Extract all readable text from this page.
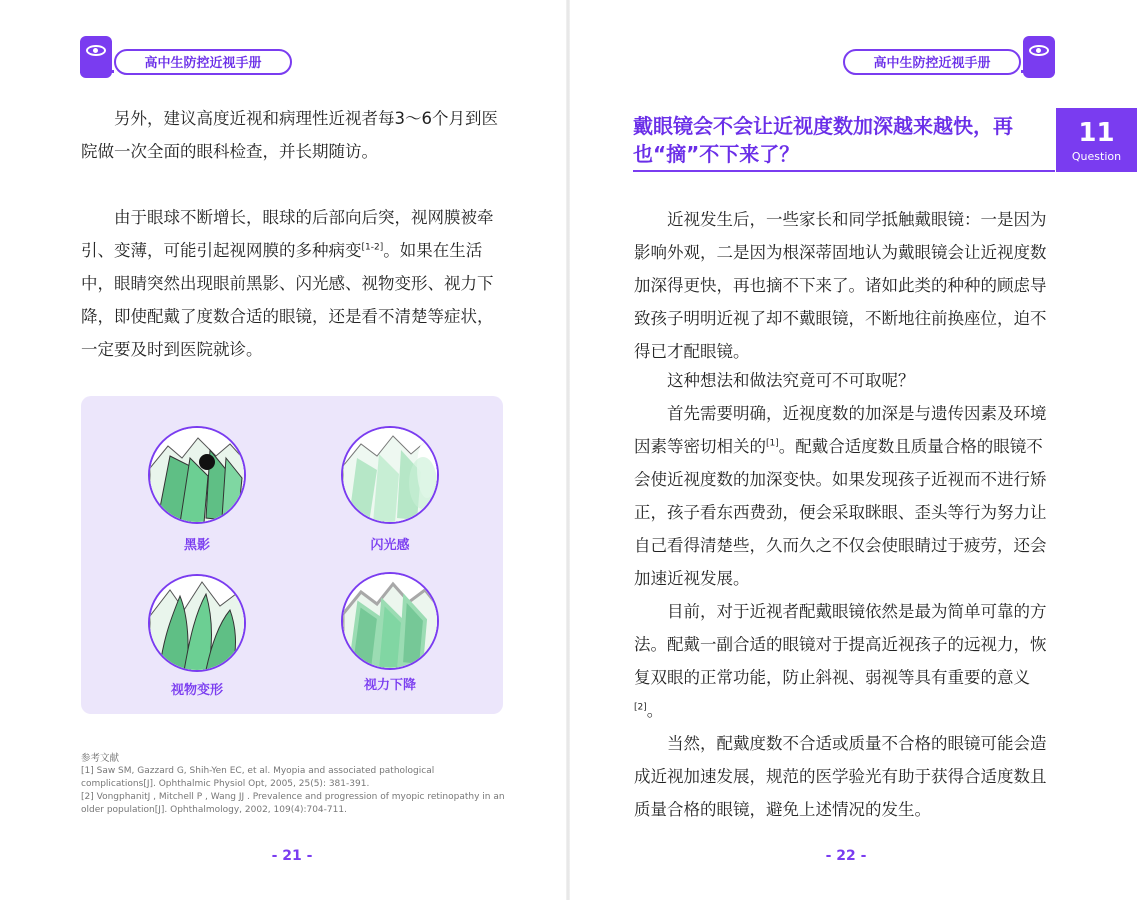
高中生防控近视手册
另外，建议高度近视和病理性近视者每3～6个月到医院做一次全面的眼科检查，并长期随访。
由于眼球不断增长，眼球的后部向后突，视网膜被牵引、变薄，可能引起视网膜的多种病变[1-2]。如果在生活中，眼睛突然出现眼前黑影、闪光感、视物变形、视力下降，即使配戴了度数合适的眼镜，还是看不清楚等症状，一定要及时到医院就诊。
黑影	闪光感
视物变形	视力下降
参考文献
[1] Saw SM, Gazzard G, Shih-Yen EC, et al. Myopia and associated pathological complications[J]. Ophthalmic Physiol Opt, 2005, 25(5): 381-391.
[2] VongphanitJ , Mitchell P , Wang JJ . Prevalence and progression of myopic retinopathy in an older population[J]. Ophthalmology, 2002, 109(4):704-711.
- 21 -
高中生防控近视手册
戴眼镜会不会让近视度数加深越来越快，再也“摘”不下来了？
11
Question
近视发生后，一些家长和同学抵触戴眼镜：一是因为影响外观，二是因为根深蒂固地认为戴眼镜会让近视度数加深得更快，再也摘不下来了。诸如此类的种种的顾虑导致孩子明明近视了却不戴眼镜，不断地往前换座位，迫不得已才配眼镜。
这种想法和做法究竟可不可取呢？
首先需要明确，近视度数的加深是与遗传因素及环境因素等密切相关的[1]。配戴合适度数且质量合格的眼镜不会使近视度数的加深变快。如果发现孩子近视而不进行矫正，孩子看东西费劲，便会采取眯眼、歪头等行为努力让自己看得清楚些，久而久之不仅会使眼睛过于疲劳，还会加速近视发展。
目前，对于近视者配戴眼镜依然是最为简单可靠的方法。配戴一副合适的眼镜对于提高近视孩子的远视力，恢复双眼的正常功能，防止斜视、弱视等具有重要的意义[2]。
当然，配戴度数不合适或质量不合格的眼镜可能会造成近视加速发展，规范的医学验光有助于获得合适度数且质量合格的眼镜，避免上述情况的发生。
- 22 -
